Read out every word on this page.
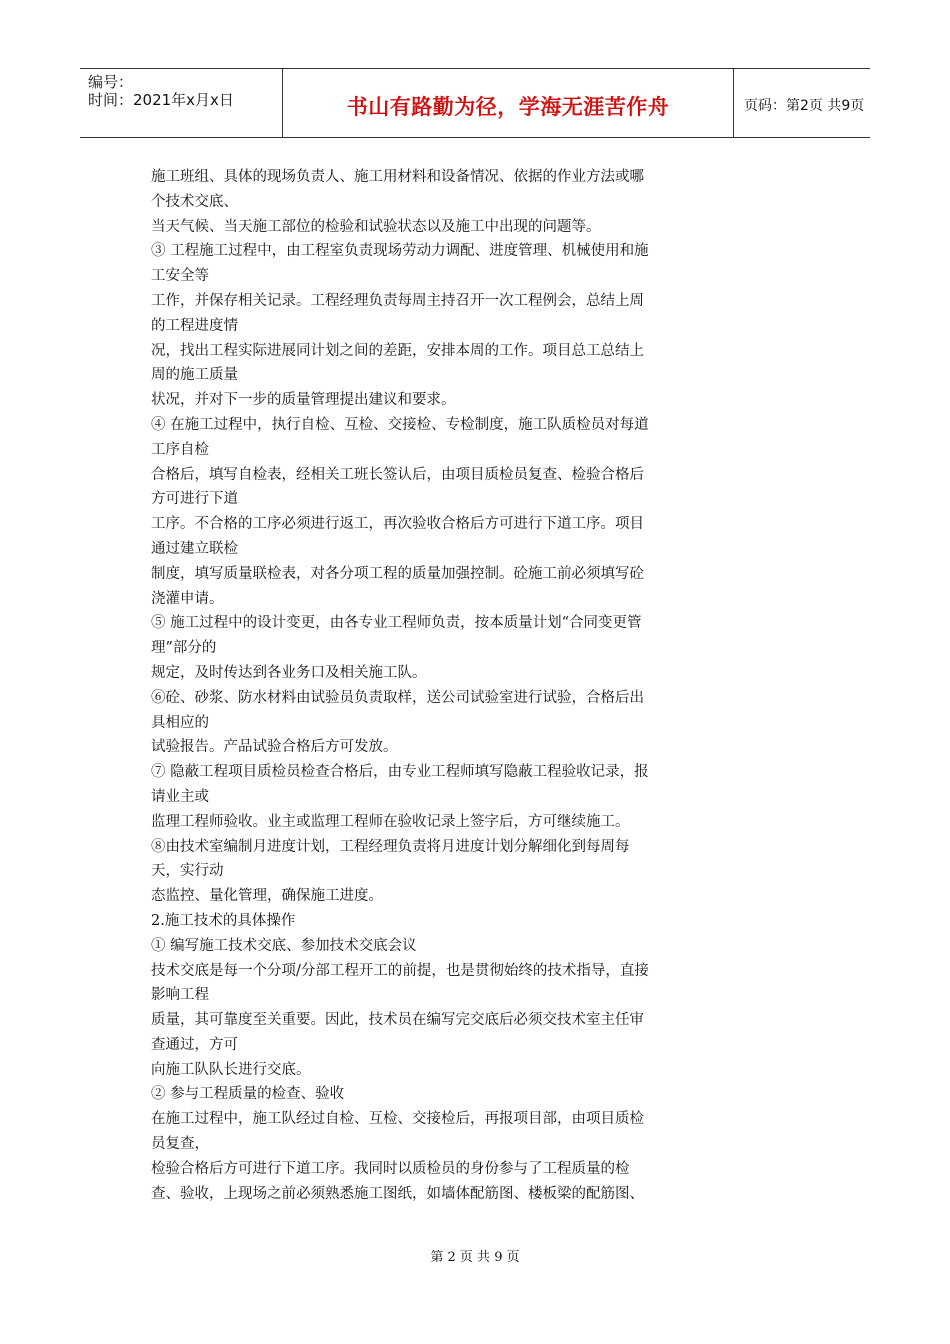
编号：
时间：2021年x月x日	书山有路勤为径，学海无涯苦作舟	页码：第2页 共9页
施工班组、具体的现场负责人、施工用材料和设备情况、依据的作业方法或哪
个技术交底、
当天气候、当天施工部位的检验和试验状态以及施工中出现的问题等。
③ 工程施工过程中，由工程室负责现场劳动力调配、进度管理、机械使用和施
工安全等
工作，并保存相关记录。工程经理负责每周主持召开一次工程例会，总结上周
的工程进度情
况，找出工程实际进展同计划之间的差距，安排本周的工作。项目总工总结上
周的施工质量
状况，并对下一步的质量管理提出建议和要求。
④ 在施工过程中，执行自检、互检、交接检、专检制度，施工队质检员对每道
工序自检
合格后，填写自检表，经相关工班长签认后，由项目质检员复查、检验合格后
方可进行下道
工序。不合格的工序必须进行返工，再次验收合格后方可进行下道工序。项目
通过建立联检
制度，填写质量联检表，对各分项工程的质量加强控制。砼施工前必须填写砼
浇灌申请。
⑤ 施工过程中的设计变更，由各专业工程师负责，按本质量计划“合同变更管
理”部分的
规定，及时传达到各业务口及相关施工队。
⑥砼、砂浆、防水材料由试验员负责取样，送公司试验室进行试验，合格后出
具相应的
试验报告。产品试验合格后方可发放。
⑦ 隐蔽工程项目质检员检查合格后，由专业工程师填写隐蔽工程验收记录，报
请业主或
监理工程师验收。业主或监理工程师在验收记录上签字后，方可继续施工。
⑧由技术室编制月进度计划，工程经理负责将月进度计划分解细化到每周每
天，实行动
态监控、量化管理，确保施工进度。
2.施工技术的具体操作
① 编写施工技术交底、参加技术交底会议
技术交底是每一个分项/分部工程开工的前提，也是贯彻始终的技术指导，直接
影响工程
质量，其可靠度至关重要。因此，技术员在编写完交底后必须交技术室主任审
查通过，方可
向施工队队长进行交底。
② 参与工程质量的检查、验收
在施工过程中，施工队经过自检、互检、交接检后，再报项目部，由项目质检
员复查，
检验合格后方可进行下道工序。我同时以质检员的身份参与了工程质量的检
查、验收，上现场之前必须熟悉施工图纸，如墙体配筋图、楼板梁的配筋图、
第 2 页 共 9 页
